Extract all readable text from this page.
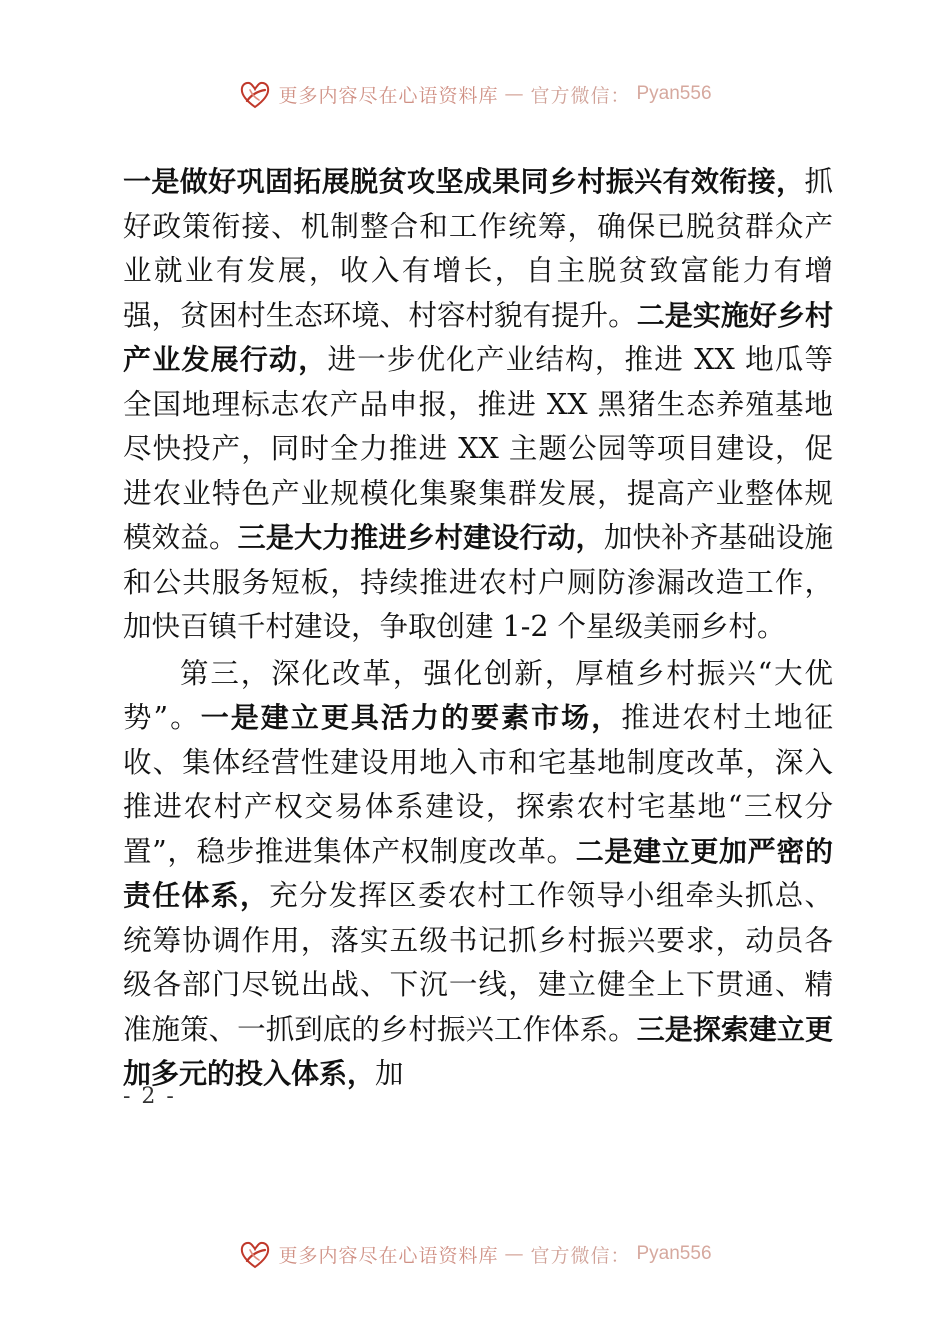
更多内容尽在心语资料库 — 官方微信： Pyan556

一是做好巩固拓展脱贫攻坚成果同乡村振兴有效衔接，抓好政策衔接、机制整合和工作统筹，确保已脱贫群众产业就业有发展，收入有增长，自主脱贫致富能力有增强，贫困村生态环境、村容村貌有提升。二是实施好乡村产业发展行动，进一步优化产业结构，推进 XX 地瓜等全国地理标志农产品申报，推进 XX 黑猪生态养殖基地尽快投产，同时全力推进 XX 主题公园等项目建设，促进农业特色产业规模化集聚集群发展，提高产业整体规模效益。三是大力推进乡村建设行动，加快补齐基础设施和公共服务短板，持续推进农村户厕防渗漏改造工作，加快百镇千村建设，争取创建 1-2 个星级美丽乡村。

第三，深化改革，强化创新，厚植乡村振兴“大优势”。一是建立更具活力的要素市场，推进农村土地征收、集体经营性建设用地入市和宅基地制度改革，深入推进农村产权交易体系建设，探索农村宅基地“三权分置”，稳步推进集体产权制度改革。二是建立更加严密的责任体系，充分发挥区委农村工作领导小组牵头抓总、统筹协调作用，落实五级书记抓乡村振兴要求，动员各级各部门尽锐出战、下沉一线，建立健全上下贯通、精准施策、一抓到底的乡村振兴工作体系。三是探索建立更加多元的投入体系，加

- 2 -
更多内容尽在心语资料库 — 官方微信： Pyan556
